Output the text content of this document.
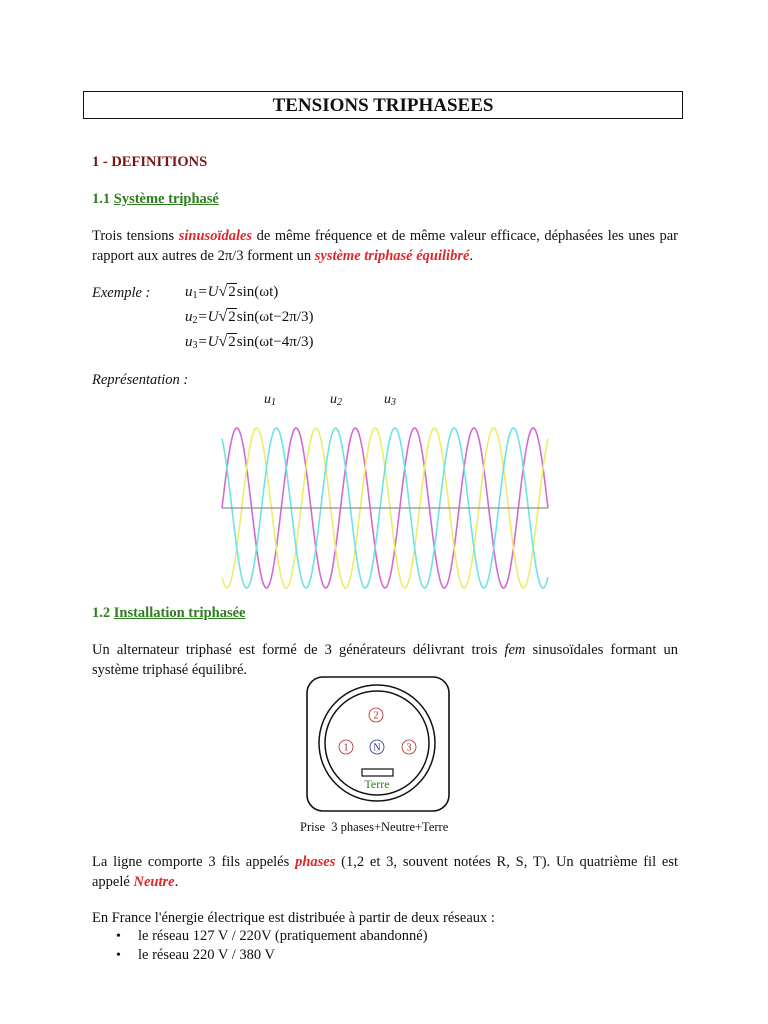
TENSIONS TRIPHASEES
1 - DEFINITIONS
1.1 Système triphasé
Trois tensions sinusoïdales de même fréquence et de même valeur efficace, déphasées les unes par rapport aux autres de 2π/3 forment un système triphasé équilibré.
Exemple : $u_1=U√2\sin(\omega t)$
$u_2=U√2\sin(\omega t-2\pi/3)$
$u_3=U√2\sin(\omega t-4\pi/3)$
Représentation :
$u_1$	$u_2$	$u_3$
1.2 Installation triphasée
Un alternateur triphasé est formé de 3 générateurs délivrant trois fem sinusoïdales formant un système triphasé équilibré.
1
2
N	3
Terre
Prise  3 phases+Neutre+Terre
La ligne comporte 3 fils appelés phases (1,2 et 3, souvent notées R, S, T). Un quatrième fil est appelé Neutre.
En France l'énergie électrique est distribuée à partir de deux réseaux :
• le réseau 127 V / 220V (pratiquement abandonné)
• le réseau 220 V / 380 V
